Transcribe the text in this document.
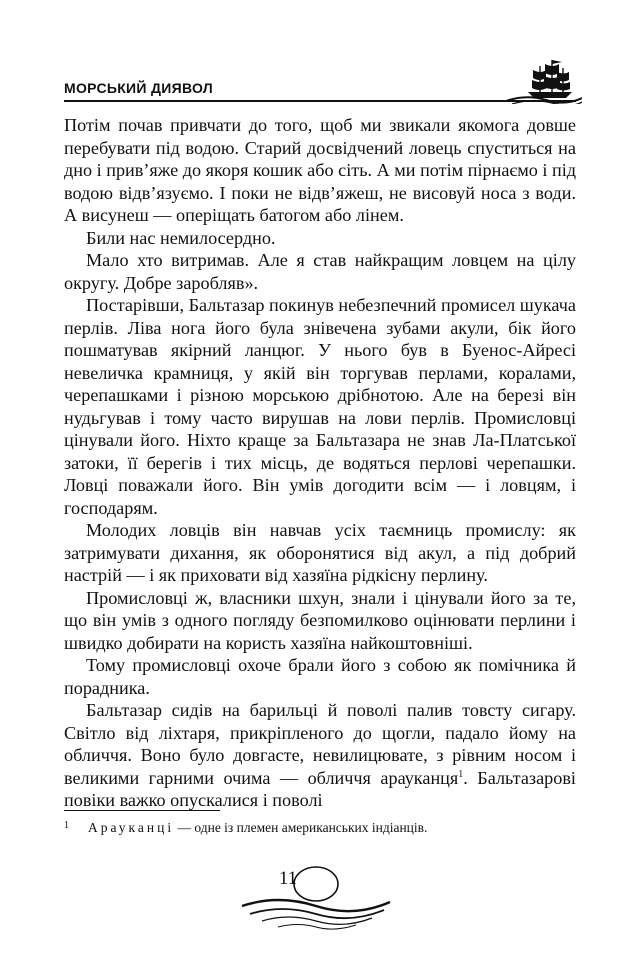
МОРСЬКИЙ ДИЯВОЛ

Потім почав привчати до того, щоб ми звикали якомога довше перебувати під водою. Старий досвідчений ловець спуститься на дно і прив’яже до якоря кошик або сіть. А ми потім пірнаємо і під водою відв’язуємо. І поки не відв’яжеш, не висовуй носа з води. А висунеш — оперіщать батогом або лінем.

Били нас немилосердно.

Мало хто витримав. Але я став найкращим ловцем на цілу округу. Добре заробляв».

Постарівши, Бальтазар покинув небезпечний промисел шукача перлів. Ліва нога його була знівечена зубами акули, бік його пошматував якірний ланцюг. У нього був в Буенос-Айресі невеличка крамниця, у якій він торгував перлами, коралами, черепашками і різною морською дрібнотою. Але на березі він нудьгував і тому часто вирушав на лови перлів. Промисловці цінували його. Ніхто краще за Бальтазара не знав Ла-Платської затоки, її берегів і тих місць, де водяться перлові черепашки. Ловці поважали його. Він умів догодити всім — і ловцям, і господарям.

Молодих ловців він навчав усіх таємниць промислу: як затримувати дихання, як оборонятися від акул, а під добрий настрій — і як приховати від хазяїна рідкісну перлину.

Промисловці ж, власники шхун, знали і цінували його за те, що він умів з одного погляду безпомилково оцінювати перлини і швидко добирати на користь хазяїна найкоштовніші.

Тому промисловці охоче брали його з собою як помічника й порадника.

Бальтазар сидів на барильці й поволі палив товсту сигару. Світло від ліхтаря, прикріпленого до щогли, падало йому на обличчя. Воно було довгасте, невилицювате, з рівним носом і великими гарними очима — обличчя арауканця$^1$. Бальтазарові повіки важко опускалися і поволі

1 Арауканці — одне із племен американських індіанців.
11
